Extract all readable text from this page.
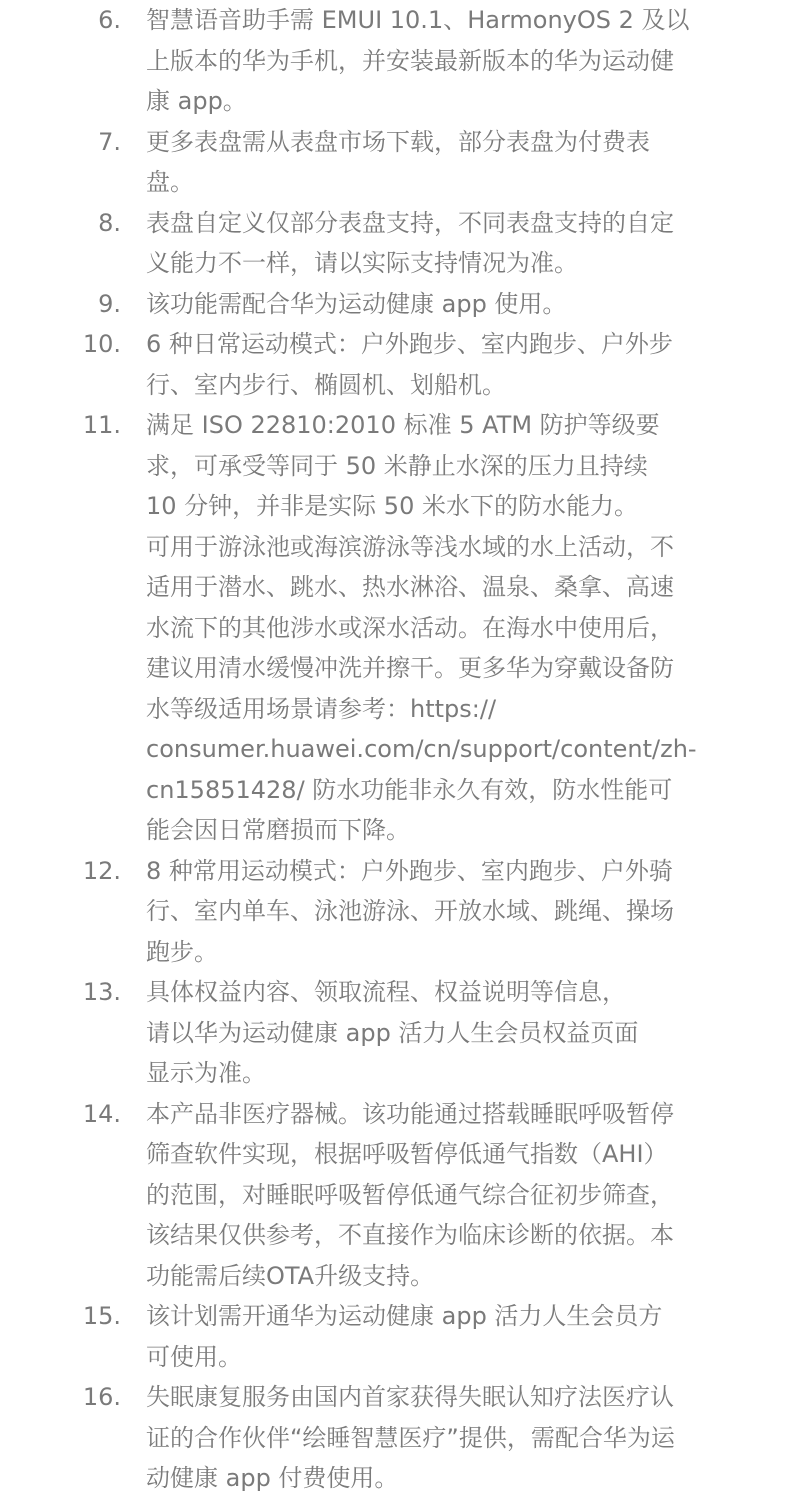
6. 智慧语音助手需 EMUI 10.1、HarmonyOS 2 及以
上版本的华为手机，并安装最新版本的华为运动健
康 app。
7. 更多表盘需从表盘市场下载，部分表盘为付费表
盘。
8. 表盘自定义仅部分表盘支持，不同表盘支持的自定
义能力不一样，请以实际支持情况为准。
9. 该功能需配合华为运动健康 app 使用。
10. 6 种日常运动模式：户外跑步、室内跑步、户外步
行、室内步行、椭圆机、划船机。
11. 满足 ISO 22810:2010 标准 5 ATM 防护等级要
求，可承受等同于 50 米静止水深的压力且持续
10 分钟，并非是实际 50 米水下的防水能力。
可用于游泳池或海滨游泳等浅水域的水上活动，不
适用于潜水、跳水、热水淋浴、温泉、桑拿、高速
水流下的其他涉水或深水活动。在海水中使用后，
建议用清水缓慢冲洗并擦干。更多华为穿戴设备防
水等级适用场景请参考：https://
consumer.huawei.com/cn/support/content/zh-
cn15851428/ 防水功能非永久有效，防水性能可
能会因日常磨损而下降。
12. 8 种常用运动模式：户外跑步、室内跑步、户外骑
行、室内单车、泳池游泳、开放水域、跳绳、操场
跑步。
13. 具体权益内容、领取流程、权益说明等信息，
请以华为运动健康 app 活力人生会员权益页面
显示为准。
14. 本产品非医疗器械。该功能通过搭载睡眠呼吸暂停
筛查软件实现，根据呼吸暂停低通气指数（AHI）
的范围，对睡眠呼吸暂停低通气综合征初步筛查，
该结果仅供参考，不直接作为临床诊断的依据。本
功能需后续OTA升级支持。
15. 该计划需开通华为运动健康 app 活力人生会员方
可使用。
16. 失眠康复服务由国内首家获得失眠认知疗法医疗认
证的合作伙伴“绘睡智慧医疗”提供，需配合华为运
动健康 app 付费使用。
